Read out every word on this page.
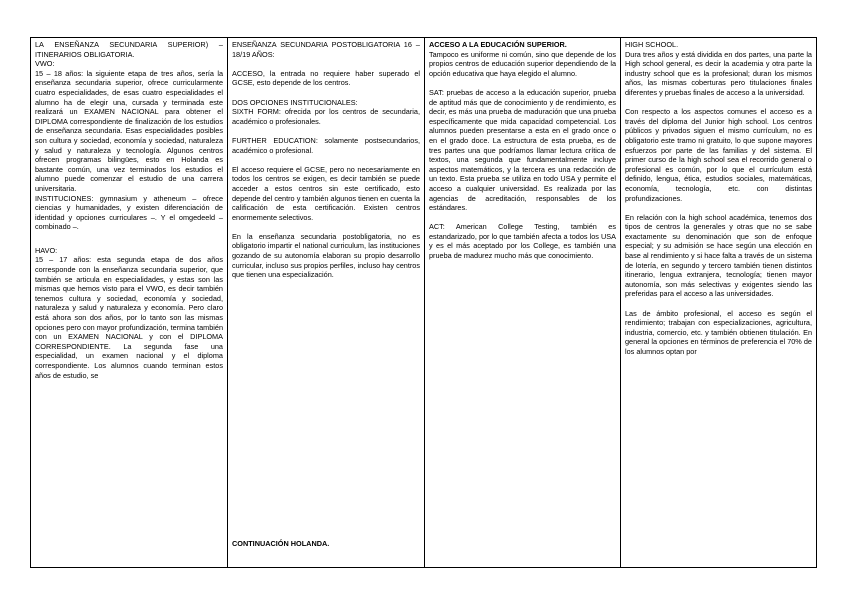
LA ENSEÑANZA SECUNDARIA SUPERIOR) – ITINERARIOS OBLIGATORIA.

VWO:

15 – 18 años: la siguiente etapa de tres años, sería la enseñanza secundaria superior, ofrece curricularmente cuatro especialidades, de esas cuatro especialidades el alumno ha de elegir una, cursada y terminada este realizará un EXAMEN NACIONAL para obtener el DIPLOMA correspondiente de finalización de los estudios de enseñanza secundaria. Esas especialidades posibles son cultura y sociedad, economía y sociedad, naturaleza y salud y naturaleza y tecnología. Algunos centros ofrecen programas bilingües, esto en Holanda es bastante común, una vez terminados los estudios el alumno puede comenzar el estudio de una carrera universitaria.

INSTITUCIONES: gymnasium y atheneum – ofrece ciencias y humanidades, y existen diferenciación de identidad y opciones curriculares –. Y el omgedeeld – combinado –.

HAVO:

15 – 17 años: esta segunda etapa de dos años corresponde con la enseñanza secundaria superior, que también se articula en especialidades, y estas son las mismas que hemos visto para el VWO, es decir también tenemos cultura y sociedad, economía y sociedad, naturaleza y salud y naturaleza y economía. Pero claro está ahora son dos años, por lo tanto son las mismas opciones pero con mayor profundización, termina también con un EXAMEN NACIONAL y con el DIPLOMA CORRESPONDIENTE. La segunda fase una especialidad, un examen nacional y el diploma correspondiente. Los alumnos cuando terminan estos años de estudio, se

ENSEÑANZA SECUNDARIA POSTOBLIGATORIA 16 – 18/19 AÑOS:

ACCESO, la entrada no requiere haber superado el GCSE, esto depende de los centros.

DOS OPCIONES INSTITUCIONALES:

SIXTH FORM: ofrecida por los centros de secundaria, académico o profesionales.

FURTHER EDUCATION: solamente postsecundarios, académico o profesional.

El acceso requiere el GCSE, pero no necesariamente en todos los centros se exigen, es decir también se puede acceder a estos centros sin este certificado, esto depende del centro y también algunos tienen en cuenta la calificación de esta certificación. Existen centros enormemente selectivos.

En la enseñanza secundaria postobligatoria, no es obligatorio impartir el national curriculum, las instituciones gozando de su autonomía elaboran su propio desarrollo curricular, incluso sus propios perfiles, incluso hay centros que tienen una especialización.

CONTINUACIÓN HOLANDA.

ACCESO A LA EDUCACIÓN SUPERIOR.

Tampoco es uniforme ni común, sino que depende de los propios centros de educación superior dependiendo de la opción educativa que haya elegido el alumno.

SAT: pruebas de acceso a la educación superior, prueba de aptitud más que de conocimiento y de rendimiento, es decir, es más una prueba de maduración que una prueba específicamente que mida capacidad competencial. Los alumnos pueden presentarse a esta en el grado once o en el grado doce. La estructura de esta prueba, es de tres partes una que podríamos llamar lectura crítica de textos, una segunda que fundamentalmente incluye aspectos matemáticos, y la tercera es una redacción de un texto. Esta prueba se utiliza en todo USA y permite el acceso a cualquier universidad. Es realizada por las agencias de acreditación, responsables de los estándares.

ACT: American College Testing, también es estandarizado, por lo que también afecta a todos los USA y es el más aceptado por los College, es también una prueba de madurez mucho más que conocimiento.

HIGH SCHOOL.

Dura tres años y está dividida en dos partes, una parte la High school general, es decir la academia y otra parte la industry school que es la profesional; duran los mismos años, las mismas coberturas pero titulaciones finales diferentes y pruebas finales de acceso a la universidad.

Con respecto a los aspectos comunes el acceso es a través del diploma del Junior high school. Los centros públicos y privados siguen el mismo currículum, no es obligatorio este tramo ni gratuito, lo que supone mayores esfuerzos por parte de las familias y del sistema. El primer curso de la high school sea el recorrido general o profesional es común, por lo que el currículum está definido, lengua, ética, estudios sociales, matemáticas, economía, tecnología, etc. con distintas profundizaciones.

En relación con la high school académica, tenemos dos tipos de centros la generales y otras que no se sabe exactamente su denominación que son de enfoque especial; y su admisión se hace según una elección en base al rendimiento y si hace falta a través de un sistema de lotería, en segundo y tercero también tienen distintos itinerario, lengua extranjera, tecnología; tienen mayor autonomía, son más selectivas y exigentes siendo las preferidas para el acceso a las universidades.

Las de ámbito profesional, el acceso es según el rendimiento; trabajan con especializaciones, agricultura, industria, comercio, etc. y también obtienen titulación. En general la opciones en términos de preferencia el 70% de los alumnos optan por
